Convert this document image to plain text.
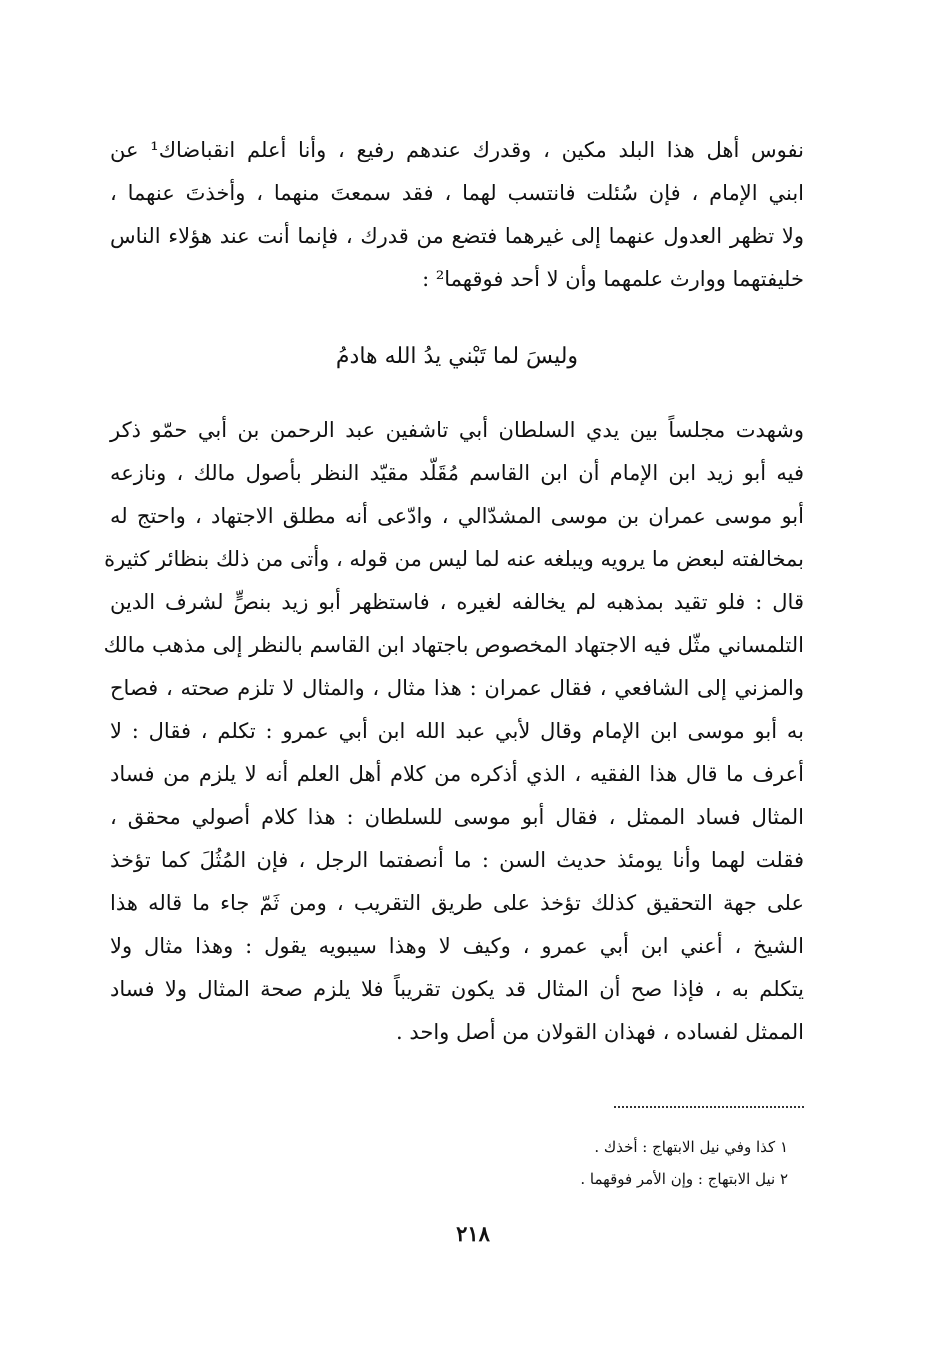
نفوس أهل هذا البلد مكين ، وقدرك عندهم رفيع ، وأنا أعلم انقباضاك¹ عن
ابني الإمام ، فإن سُئلت فانتسب لهما ، فقد سمعتَ منهما ، وأخذتَ عنهما ،
ولا تظهر العدول عنهما إلى غيرهما فتضع من قدرك ، فإنما أنت عند هؤلاء الناس
خليفتهما ووارث علمهما وأن لا أحد فوقهما² :
وليسَ لما تَبْني يدُ الله هادمُ
وشهدت مجلساً بين يدي السلطان أبي تاشفين عبد الرحمن بن أبي حمّو ذكر
فيه أبو زيد ابن الإمام أن ابن القاسم مُقَلّد مقيّد النظر بأصول مالك ، ونازعه
أبو موسى عمران بن موسى المشدّالي ، وادّعى أنه مطلق الاجتهاد ، واحتج له
بمخالفته لبعض ما يرويه ويبلغه عنه لما ليس من قوله ، وأتى من ذلك بنظائر كثيرة
قال : فلو تقيد بمذهبه لم يخالفه لغيره ، فاستظهر أبو زيد بنصٍّ لشرف الدين
التلمساني مثّل فيه الاجتهاد المخصوص باجتهاد ابن القاسم بالنظر إلى مذهب مالك
والمزني إلى الشافعي ، فقال عمران : هذا مثال ، والمثال لا تلزم صحته ، فصاح
به أبو موسى ابن الإمام وقال لأبي عبد الله ابن أبي عمرو : تكلم ، فقال : لا
أعرف ما قال هذا الفقيه ، الذي أذكره من كلام أهل العلم أنه لا يلزم من فساد
المثال فساد الممثل ، فقال أبو موسى للسلطان : هذا كلام أصولي محقق ،
فقلت لهما وأنا يومئذ حديث السن : ما أنصفتما الرجل ، فإن المُثُلَ كما تؤخذ
على جهة التحقيق كذلك تؤخذ على طريق التقريب ، ومن ثَمّ جاء ما قاله هذا
الشيخ ، أعني ابن أبي عمرو ، وكيف لا وهذا سيبويه يقول : وهذا مثال ولا
يتكلم به ، فإذا صح أن المثال قد يكون تقريباً فلا يلزم صحة المثال ولا فساد
الممثل لفساده ، فهذان القولان من أصل واحد .
١ كذا وفي نيل الابتهاج : أخذك .
٢ نيل الابتهاج : وإن الأمر فوقهما .
٢١٨
